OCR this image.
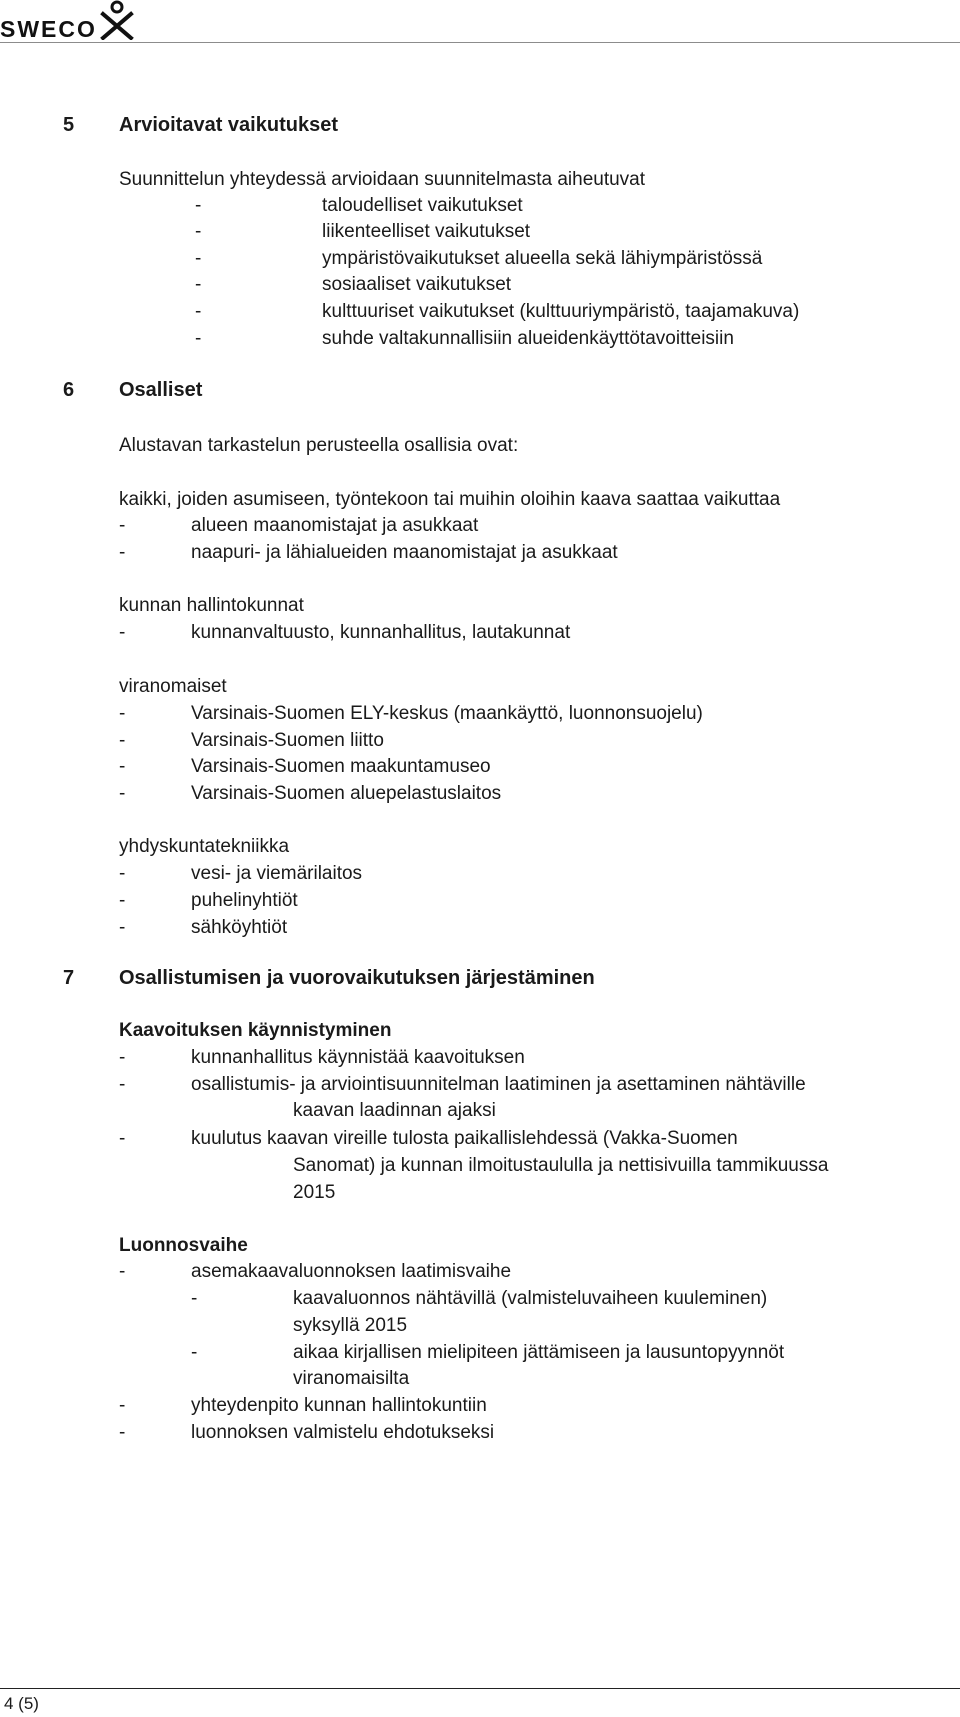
SWECO
5 Arvioitavat vaikutukset
Suunnittelun yhteydessä arvioidaan suunnitelmasta aiheutuvat
-	taloudelliset vaikutukset
-	liikenteelliset vaikutukset
-	ympäristövaikutukset alueella sekä lähiympäristössä
-	sosiaaliset vaikutukset
-	kulttuuriset vaikutukset (kulttuuriympäristö, taajamakuva)
-	suhde valtakunnallisiin alueidenkäyttötavoitteisiin
6 Osalliset
Alustavan tarkastelun perusteella osallisia ovat:
kaikki, joiden asumiseen, työntekoon tai muihin oloihin kaava saattaa vaikuttaa
-	alueen maanomistajat ja asukkaat
-	naapuri- ja lähialueiden maanomistajat ja asukkaat
kunnan hallintokunnat
-	kunnanvaltuusto, kunnanhallitus, lautakunnat
viranomaiset
-	Varsinais-Suomen ELY-keskus (maankäyttö, luonnonsuojelu)
-	Varsinais-Suomen liitto
-	Varsinais-Suomen maakuntamuseo
-	Varsinais-Suomen aluepelastuslaitos
yhdyskuntatekniikka
-	vesi- ja viemärilaitos
-	puhelinyhtiöt
-	sähköyhtiöt
7 Osallistumisen ja vuorovaikutuksen järjestäminen
Kaavoituksen käynnistyminen
-	kunnanhallitus käynnistää kaavoituksen
-	osallistumis- ja arviointisuunnitelman laatiminen ja asettaminen nähtäville
kaavan laadinnan ajaksi
-	kuulutus kaavan vireille tulosta paikallislehdessä (Vakka-Suomen
Sanomat) ja kunnan ilmoitustaululla ja nettisivuilla tammikuussa
2015
Luonnosvaihe
-	asemakaavaluonnoksen laatimisvaihe
-	kaavaluonnos nähtävillä (valmisteluvaiheen kuuleminen)
syksyllä 2015
-	aikaa kirjallisen mielipiteen jättämiseen ja lausuntopyynnöt
viranomaisilta
-	yhteydenpito kunnan hallintokuntiin
-	luonnoksen valmistelu ehdotukseksi
4 (5)
